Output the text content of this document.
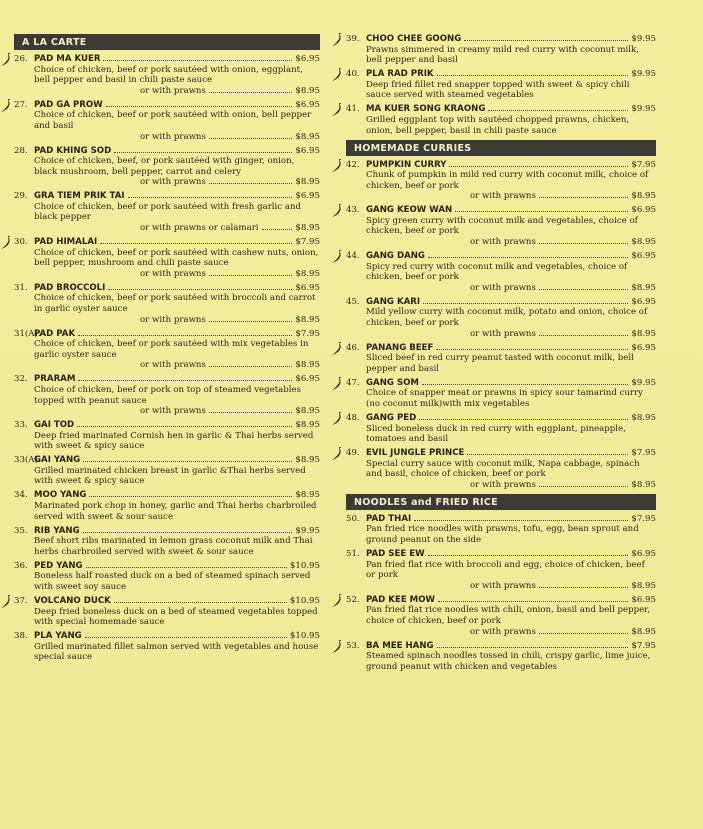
A LA CARTE
26. PAD MA KUER	$6.95
Choice of chicken, beef or pork sautéed with onion, eggplant, bell pepper and basil in chili paste sauce
or with prawns	$8.95
27. PAD GA PROW	$6.95
Choice of chicken, beef or pork sautéed with onion, bell pepper and basil
or with prawns	$8.95
28. PAD KHING SOD	$6.95
Choice of chicken, beef, or pork sautéed with ginger, onion, black mushroom, bell pepper, carrot and celery
or with prawns	$8.95
29. GRA TIEM PRIK TAI	$6.95
Choice of chicken, beef or pork sautéed with fresh garlic and black pepper
or with prawns or calamari	$8.95
30. PAD HIMALAI	$7.95
Choice of chicken, beef or pork sautéed with cashew nuts, onion, bell pepper, mushroom and chili paste sauce
or with prawns	$8.95
31. PAD BROCCOLI	$6.95
Choice of chicken, beef or pork sautéed with broccoli and carrot in garlic oyster sauce
or with prawns	$8.95
31(A).
PAD PAK	$7.95
Choice of chicken, beef or pork sautéed with mix vegetables in garlic oyster sauce
or with prawns	$8.95
32. PRARAM	$6.95
Choice of chicken, beef or pork on top of steamed vegetables topped with peanut sauce
or with prawns	$8.95
33. GAI TOD	$8.95
Deep fried marinated Cornish hen in garlic & Thai herbs served with sweet & spicy sauce
33(A).
GAI YANG	$8.95
Grilled marinated chicken breast in garlic &Thai herbs served with sweet & spicy sauce
34. MOO YANG	$8.95
Marinated pork chop in honey, garlic and Thai herbs charbroiled served with sweet & sour sauce
35. RIB YANG	$9.95
Beef short ribs marinated in lemon grass coconut milk and Thai herbs charbroiled served with sweet & sour sauce
36. PED YANG	$10.95
Boneless half roasted duck on a bed of steamed spinach served with sweet soy sauce
37. VOLCANO DUCK	$10.95
Deep fried boneless duck on a bed of steamed vegetables topped with special homemade sauce
38. PLA YANG	$10.95
Grilled marinated fillet salmon served with vegetables and house special sauce
39. CHOO CHEE GOONG	$9.95
Prawns simmered in creamy mild red curry with coconut milk, bell pepper and basil
40. PLA RAD PRIK	$9.95
Deep fried fillet red snapper topped with sweet & spicy chili sauce served with steamed vegetables
41. MA KUER SONG KRAONG	$9.95
Grilled eggplant top with sautéed chopped prawns, chicken, onion, bell pepper, basil in chili paste sauce
HOMEMADE CURRIES
42. PUMPKIN CURRY	$7.95
Chunk of pumpkin in mild red curry with coconut milk, choice of chicken, beef or pork
or with prawns	$8.95
43. GANG KEOW WAN	$6.95
Spicy green curry with coconut milk and vegetables, choice of chicken, beef or pork
or with prawns	$8.95
44. GANG DANG	$6.95
Spicy red curry with coconut milk and vegetables, choice of chicken, beef or pork
or with prawns	$8.95
45. GANG KARI	$6.95
Mild yellow curry with coconut milk, potato and onion, choice of chicken, beef or pork
or with prawns	$8.95
46. PANANG BEEF	$6.95
Sliced beef in red curry peanut tasted with coconut milk, bell pepper and basil
47. GANG SOM	$9.95
Choice of snapper meat or prawns in spicy sour tamarind curry (no coconut milk)with mix vegetables
48. GANG PED	$8.95
Sliced boneless duck in red curry with eggplant, pineapple, tomatoes and basil
49. EVIL JUNGLE PRINCE	$7.95
Special curry sauce with coconut milk, Napa cabbage, spinach and basil, choice of chicken, beef or pork
or with prawns	$8.95
NOODLES and FRIED RICE
50. PAD THAI	$7.95
Pan fried rice noodles with prawns, tofu, egg, bean sprout and ground peanut on the side
51. PAD SEE EW	$6.95
Pan fried flat rice with broccoli and egg, choice of chicken, beef or pork
or with prawns	$8.95
52. PAD KEE MOW	$6.95
Pan fried flat rice noodles with chili, onion, basil and bell pepper, choice of chicken, beef or pork
or with prawns	$8.95
53. BA MEE HANG	$7.95
Steamed spinach noodles tossed in chili, crispy garlic, lime juice, ground peanut with chicken and vegetables
